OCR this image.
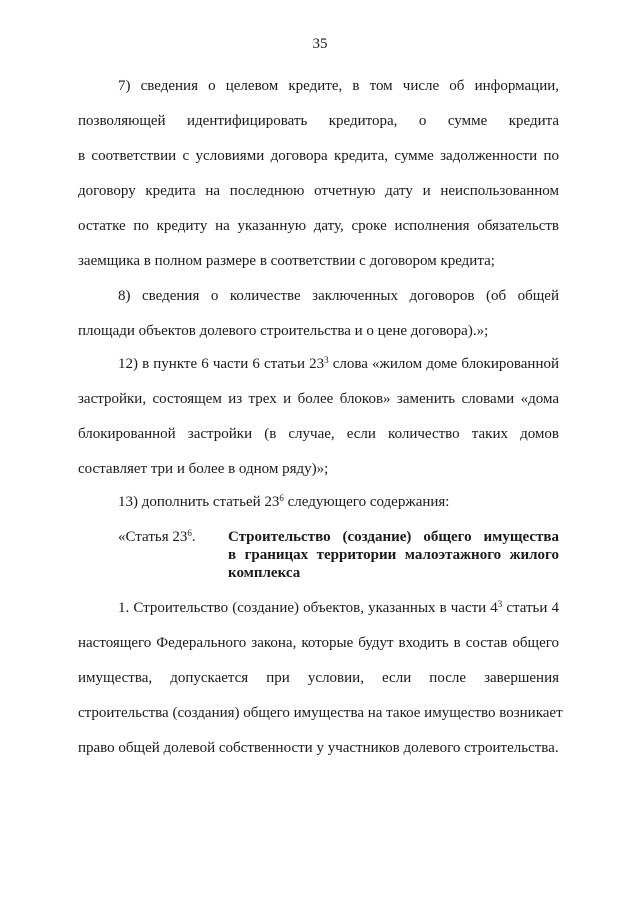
35
7) сведения о целевом кредите, в том числе об информации,
позволяющей идентифицировать кредитора, о сумме кредита
в соответствии с условиями договора кредита, сумме задолженности по
договору кредита на последнюю отчетную дату и неиспользованном
остатке по кредиту на указанную дату, сроке исполнения обязательств
заемщика в полном размере в соответствии с договором кредита;
8) сведения о количестве заключенных договоров (об общей
площади объектов долевого строительства и о цене договора).»;
12) в пункте 6 части 6 статьи $23^3$ слова «жилом доме блокированной
застройки, состоящем из трех и более блоков» заменить словами «дома
блокированной застройки (в случае, если количество таких домов
составляет три и более в одном ряду)»;
13) дополнить статьей $23^6$ следующего содержания:
«Статья $23^6$. Строительство (создание) общего имущества
в границах территории малоэтажного жилого
комплекса
1. Строительство (создание) объектов, указанных в части $4^3$ статьи 4
настоящего Федерального закона, которые будут входить в состав общего
имущества, допускается при условии, если после завершения
строительства (создания) общего имущества на такое имущество возникает
право общей долевой собственности у участников долевого строительства.
